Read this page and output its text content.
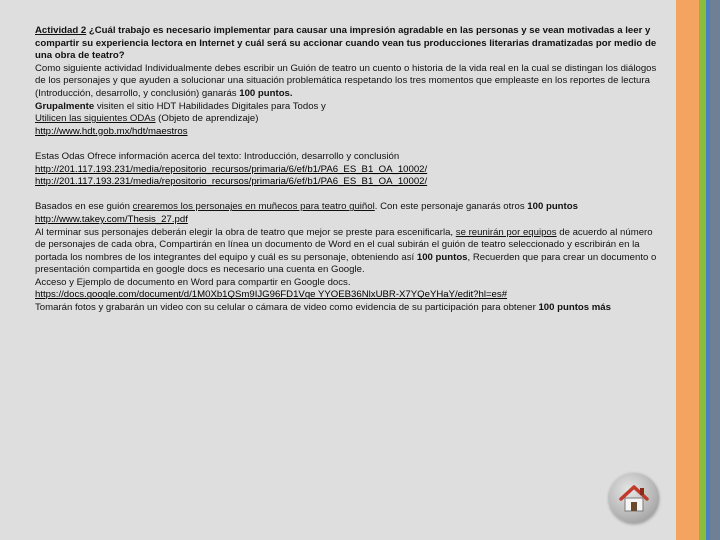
Actividad 2 ¿Cuál trabajo es necesario implementar para causar una impresión agradable en las personas y se vean motivadas a leer y compartir su experiencia lectora en Internet y cuál será su accionar cuando vean tus producciones literarias dramatizadas por medio de una obra de teatro?

Como siguiente actividad Individualmente debes escribir un Guión de teatro un cuento o historia de la vida real en la cual se distingan los diálogos de los personajes y que ayuden a solucionar una situación problemática respetando los tres momentos que empleaste en los reportes de lectura (Introducción, desarrollo, y conclusión) ganarás 100 puntos.

Grupalmente visiten el sitio HDT Habilidades Digitales para Todos y

Utilicen las siguientes ODAs (Objeto de aprendizaje)

http://www.hdt.gob.mx/hdt/maestros

Estas Odas Ofrece información acerca del texto: Introducción, desarrollo y conclusión

http://201.117.193.231/media/repositorio_recursos/primaria/6/ef/b1/PA6_ES_B1_OA_10002/

http://201.117.193.231/media/repositorio_recursos/primaria/6/ef/b1/PA6_ES_B1_OA_10002/

Basados en ese guión crearemos los personajes en muñecos para teatro guiñol. Con este personaje ganarás otros 100 puntos

http://www.takey.com/Thesis_27.pdf

Al terminar sus personajes deberán elegir la obra de teatro que mejor se preste para escenificarla, se reunirán por equipos de acuerdo al número de personajes de cada obra, Compartirán en línea un documento de Word en el cual subirán el guión de teatro seleccionado y escribirán en la portada los nombres de los integrantes del equipo y cuál es su personaje, obteniendo así 100 puntos, Recuerden que para crear un documento o presentación compartida en google docs es necesario una cuenta en Google.

Acceso y Ejemplo de documento en Word para compartir en Google docs.

https://docs.google.com/document/d/1M0Xb1QSm9IJG96FD1Vge YYOEB36NlxUBR-X7YQeYHaY/edit?hl=es#

Tomarán fotos y grabarán un video con su celular o cámara de video como evidencia de su participación para obtener 100 puntos más
